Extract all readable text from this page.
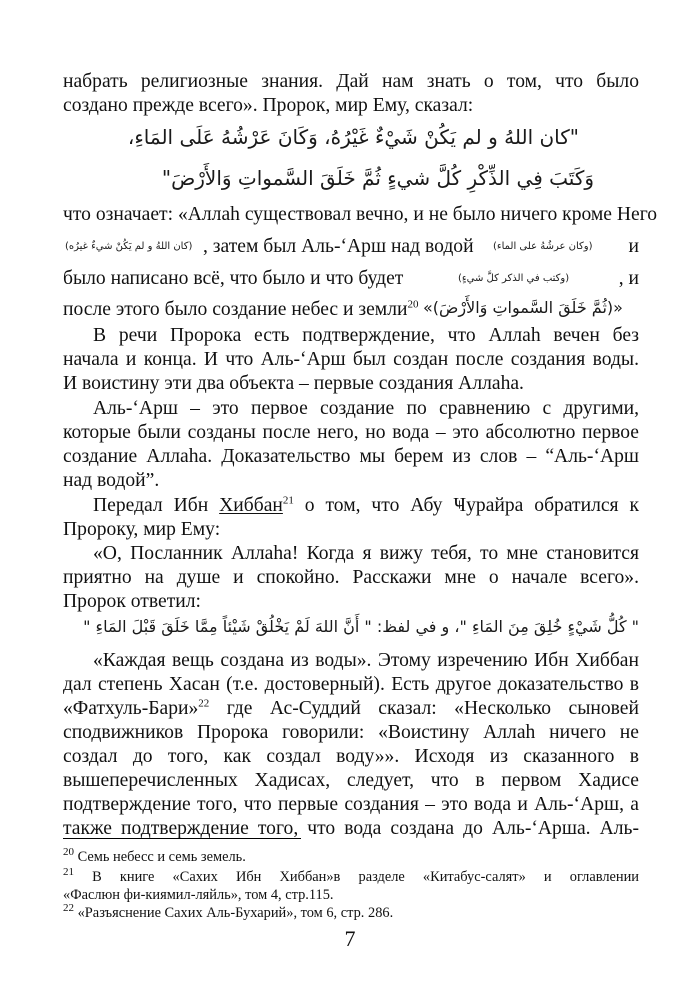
набрать религиозные знания. Дай нам знать о том, что было
создано прежде всего». Пророк, мир Ему, сказал:
"كان اللهُ و لم يَكُنْ شَيْءٌ غَيْرُهُ، وَكَانَ عَرْشُهُ عَلَى المَاءِ،
وَكَتَبَ فِي الذِّكْرِ كُلَّ شيءٍ ثُمَّ خَلَقَ السَّمواتِ وَالأَرْضَ"
что означает: «Аллаh существовал вечно, и не было ничего кроме Него
(كان اللهُ و لم يَكُنْ شيءٌ غيرُه) , затем был Аль-‘Арш над водой (وكان عرشُهُ على الماء) и
было написано всё, что было и что будет	(وكتب في الذكر كلَّ شيءٍ)	, и
после этого было создание небес и земли$^{20}$ «(ثُمَّ خَلَقَ السَّمواتِ وَالأَرْضَ)»
В речи Пророка есть подтверждение, что Аллаh вечен без
начала и конца. И что Аль-‘Арш был создан после создания воды.
И воистину эти два объекта – первые создания Аллаhа.
Аль-‘Арш – это первое создание по сравнению с другими,
которые были созданы после него, но вода – это абсолютно первое
создание Аллаhа. Доказательство мы берем из слов – “Аль-‘Арш
над водой”.
Передал Ибн Хиббан$^{21}$ о том, что Абу Ҹурайра обратился к
Пророку, мир Ему:
«О, Посланник Аллаhа! Когда я вижу тебя, то мне становится
приятно на душе и спокойно. Расскажи мне о начале всего».
Пророк ответил:
" كُلُّ شَيْءٍ خُلِقَ مِنَ المَاءِ "، و في لفظ: " أَنَّ اللهَ لَمْ يَخْلُقْ شَيْئاً مِمَّا خَلَقَ قَبْلَ المَاءِ "
«Каждая вещь создана из воды». Этому изречению Ибн Хиббан
дал степень Хасан (т.е. достоверный). Есть другое доказательство в
«Фатхуль-Бари»$^{22}$ где Ас-Суддий сказал: «Несколько сыновей
сподвижников Пророка говорили: «Воистину Аллаh ничего не
создал до того, как создал воду»». Исходя из сказанного в
вышеперечисленных Хадисах, следует, что в первом Хадисе
подтверждение того, что первые создания – это вода и Аль-‘Арш, а
также подтверждение того, что вода создана до Аль-‘Арша. Аль-
$^{20}$ Семь небесс и семь земель.
$^{21}$ В книге «Сахих Ибн Хиббан»в разделе «Китабус-салят» и оглавлении
«Фаслюн фи-киямил-ляйль», том 4, стр.115.
$^{22}$ «Разъяснение Сахих Аль-Бухарий», том 6, стр. 286.
7
